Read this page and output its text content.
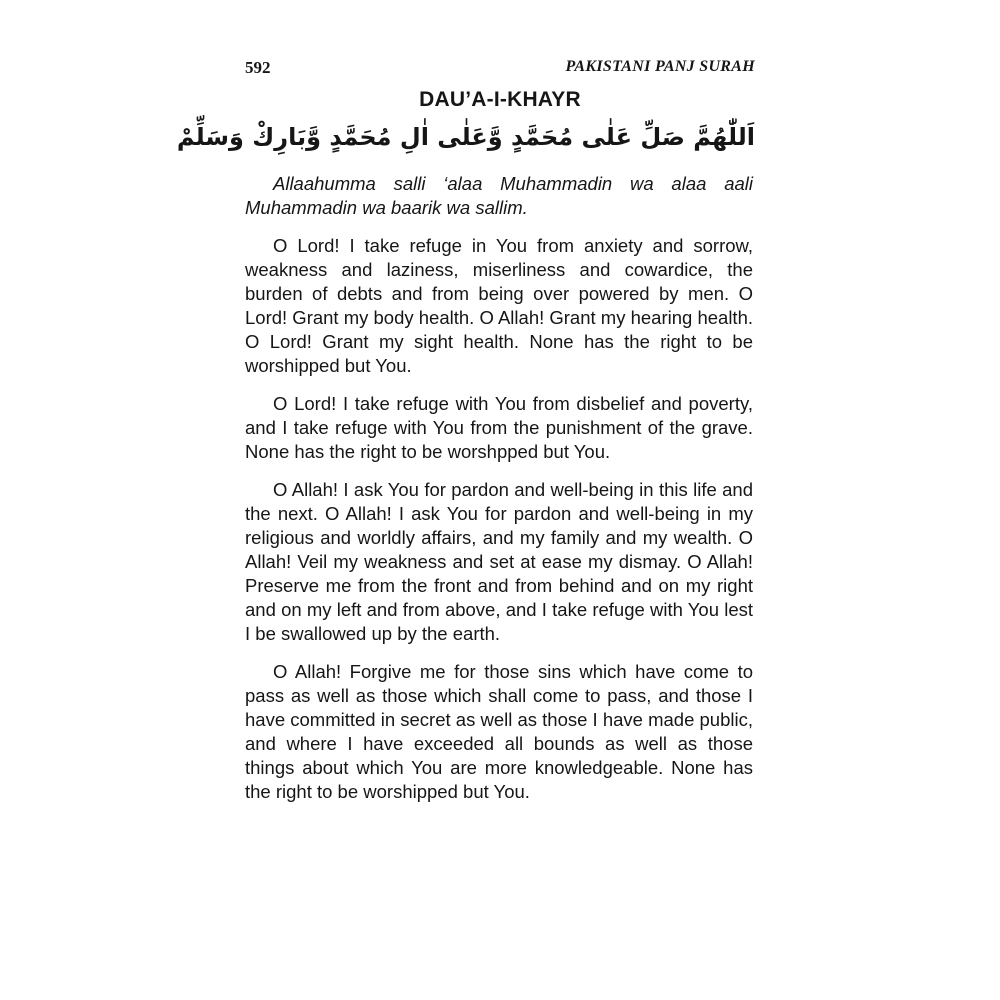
592	PAKISTANI PANJ SURAH
DAU’A-I-KHAYR
اَللّٰهُمَّ صَلِّ عَلٰى مُحَمَّدٍ وَّعَلٰى اٰلِ مُحَمَّدٍ وَّبَارِكْ وَسَلِّمْ

Allaahumma salli ‘alaa Muhammadin wa alaa aali Muhammadin wa baarik wa sallim.

O Lord! I take refuge in You from anxiety and sorrow, weakness and laziness, miserliness and cowardice, the burden of debts and from being over powered by men. O Lord! Grant my body health. O Allah! Grant my hearing health. O Lord! Grant my sight health. None has the right to be worshipped but You.

O Lord! I take refuge with You from disbelief and poverty, and I take refuge with You from the punishment of the grave. None has the right to be worshpped but You.

O Allah! I ask You for pardon and well-being in this life and the next. O Allah! I ask You for pardon and well-being in my religious and worldly affairs, and my family and my wealth. O Allah! Veil my weakness and set at ease my dismay. O Allah! Preserve me from the front and from behind and on my right and on my left and from above, and I take refuge with You lest I be swallowed up by the earth.

O Allah! Forgive me for those sins which have come to pass as well as those which shall come to pass, and those I have committed in secret as well as those I have made public, and where I have exceeded all bounds as well as those things about which You are more knowledgeable. None has the right to be worshipped but You.
